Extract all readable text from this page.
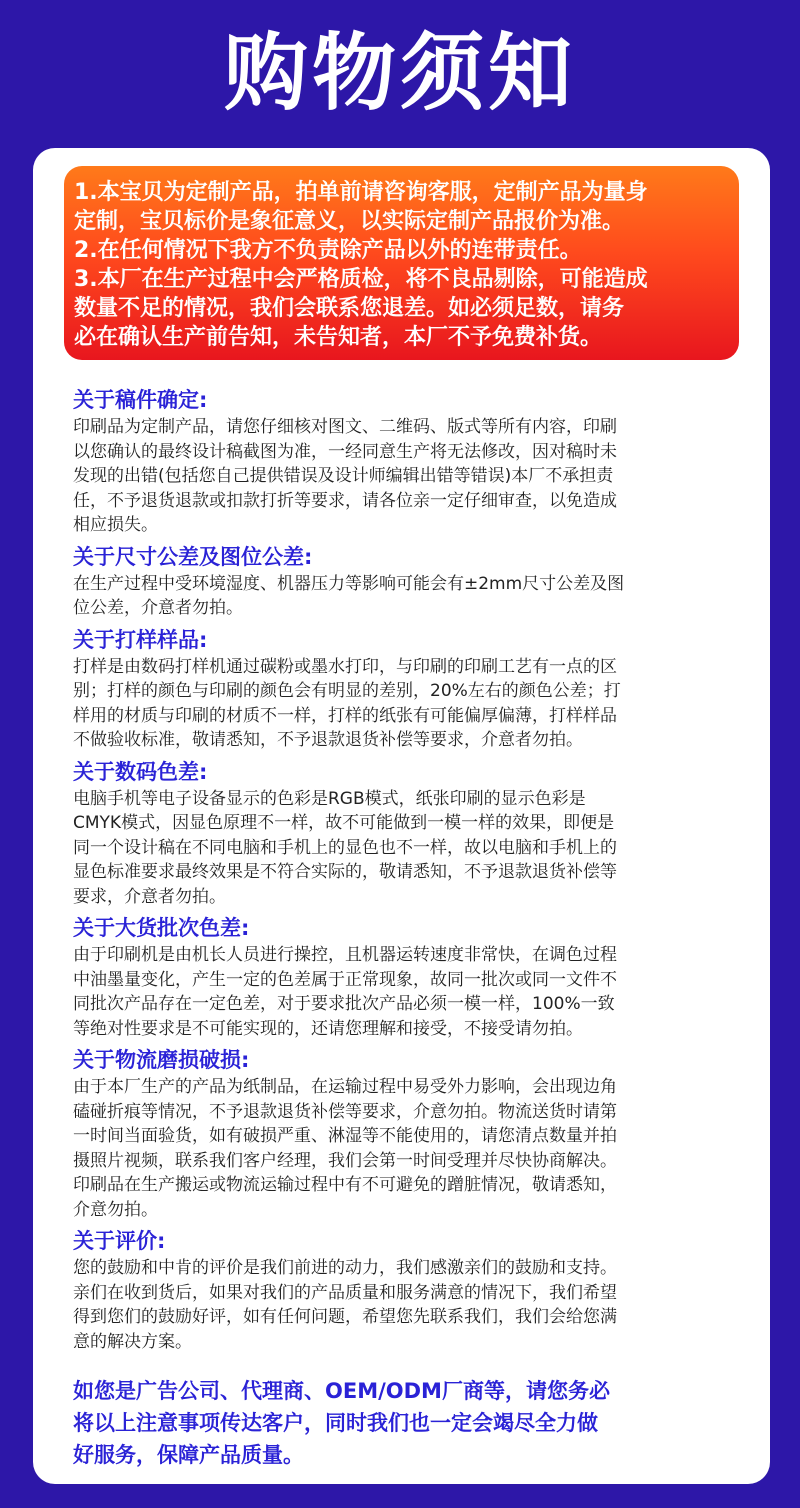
购物须知

1.本宝贝为定制产品，拍单前请咨询客服，定制产品为量身
定制，宝贝标价是象征意义，以实际定制产品报价为准。

2.在任何情况下我方不负责除产品以外的连带责任。

3.本厂在生产过程中会严格质检，将不良品剔除，可能造成
数量不足的情况，我们会联系您退差。如必须足数，请务
必在确认生产前告知，未告知者，本厂不予免费补货。

关于稿件确定:

印刷品为定制产品，请您仔细核对图文、二维码、版式等所有内容，印刷
以您确认的最终设计稿截图为准，一经同意生产将无法修改，因对稿时未
发现的出错(包括您自己提供错误及设计师编辑出错等错误)本厂不承担责
任，不予退货退款或扣款打折等要求，请各位亲一定仔细审查，以免造成
相应损失。

关于尺寸公差及图位公差:

在生产过程中受环境湿度、机器压力等影响可能会有±2mm尺寸公差及图
位公差，介意者勿拍。

关于打样样品:

打样是由数码打样机通过碳粉或墨水打印，与印刷的印刷工艺有一点的区
别；打样的颜色与印刷的颜色会有明显的差别，20%左右的颜色公差；打
样用的材质与印刷的材质不一样，打样的纸张有可能偏厚偏薄，打样样品
不做验收标准，敬请悉知，不予退款退货补偿等要求，介意者勿拍。

关于数码色差:

电脑手机等电子设备显示的色彩是RGB模式，纸张印刷的显示色彩是
CMYK模式，因显色原理不一样，故不可能做到一模一样的效果，即便是
同一个设计稿在不同电脑和手机上的显色也不一样，故以电脑和手机上的
显色标准要求最终效果是不符合实际的，敬请悉知，不予退款退货补偿等
要求，介意者勿拍。

关于大货批次色差:

由于印刷机是由机长人员进行操控，且机器运转速度非常快，在调色过程
中油墨量变化，产生一定的色差属于正常现象，故同一批次或同一文件不
同批次产品存在一定色差，对于要求批次产品必须一模一样，100%一致
等绝对性要求是不可能实现的，还请您理解和接受，不接受请勿拍。

关于物流磨损破损:

由于本厂生产的产品为纸制品，在运输过程中易受外力影响，会出现边角
磕碰折痕等情况，不予退款退货补偿等要求，介意勿拍。物流送货时请第
一时间当面验货，如有破损严重、淋湿等不能使用的，请您清点数量并拍
摄照片视频，联系我们客户经理，我们会第一时间受理并尽快协商解决。
印刷品在生产搬运或物流运输过程中有不可避免的蹭脏情况，敬请悉知，
介意勿拍。

关于评价:

您的鼓励和中肯的评价是我们前进的动力，我们感激亲们的鼓励和支持。
亲们在收到货后，如果对我们的产品质量和服务满意的情况下，我们希望
得到您们的鼓励好评，如有任何问题，希望您先联系我们，我们会给您满
意的解决方案。

如您是广告公司、代理商、OEM/ODM厂商等，请您务必
将以上注意事项传达客户，同时我们也一定会竭尽全力做
好服务，保障产品质量。
